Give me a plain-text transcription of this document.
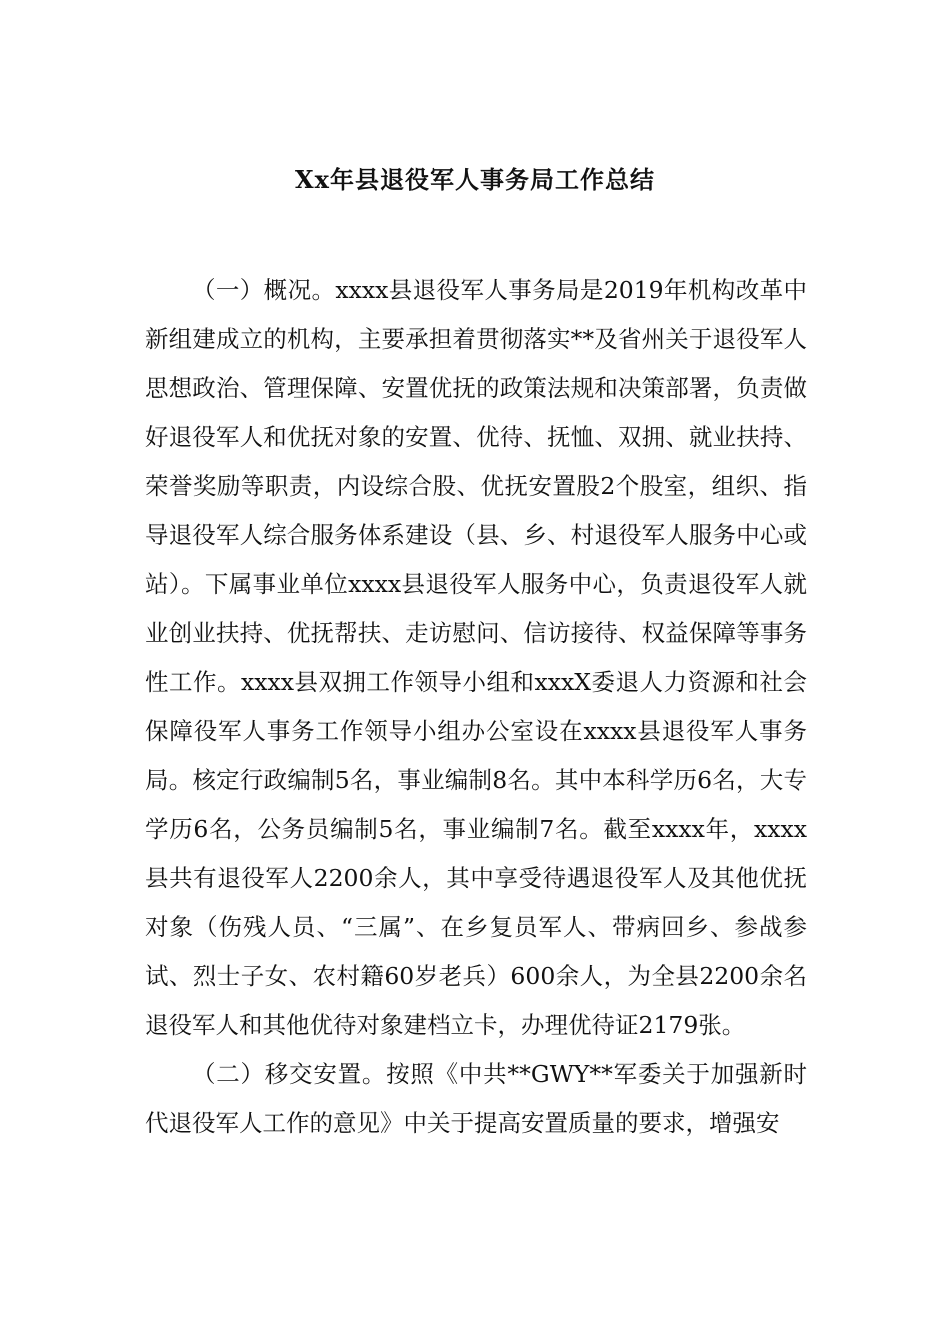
Xx年县退役军人事务局工作总结

（一）概况。xxxx县退役军人事务局是2019年机构改革中新组建成立的机构，主要承担着贯彻落实**及省州关于退役军人思想政治、管理保障、安置优抚的政策法规和决策部署，负责做好退役军人和优抚对象的安置、优待、抚恤、双拥、就业扶持、荣誉奖励等职责，内设综合股、优抚安置股2个股室，组织、指导退役军人综合服务体系建设（县、乡、村退役军人服务中心或站）。下属事业单位xxxx县退役军人服务中心，负责退役军人就业创业扶持、优抚帮扶、走访慰问、信访接待、权益保障等事务性工作。xxxx县双拥工作领导小组和xxxX委退人力资源和社会保障役军人事务工作领导小组办公室设在xxxx县退役军人事务局。核定行政编制5名，事业编制8名。其中本科学历6名，大专学历6名，公务员编制5名，事业编制7名。截至xxxx年，xxxx县共有退役军人2200余人，其中享受待遇退役军人及其他优抚对象（伤残人员、“三属”、在乡复员军人、带病回乡、参战参试、烈士子女、农村籍60岁老兵）600余人，为全县2200余名退役军人和其他优待对象建档立卡，办理优待证2179张。

（二）移交安置。按照《中共**GWY**军委关于加强新时代退役军人工作的意见》中关于提高安置质量的要求，增强安
